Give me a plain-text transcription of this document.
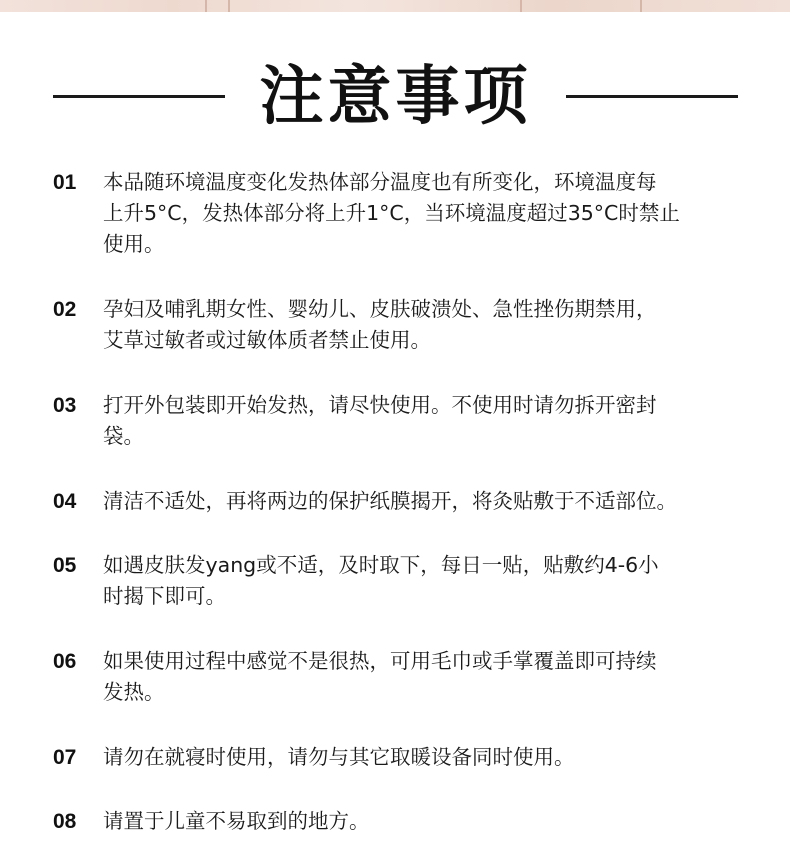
注意事项
01	本品随环境温度变化发热体部分温度也有所变化，环境温度每
上升5°C，发热体部分将上升1°C，当环境温度超过35°C时禁止
使用。
02	孕妇及哺乳期女性、婴幼儿、皮肤破溃处、急性挫伤期禁用，
艾草过敏者或过敏体质者禁止使用。
03	打开外包装即开始发热，请尽快使用。不使用时请勿拆开密封
袋。
04	清洁不适处，再将两边的保护纸膜揭开，将灸贴敷于不适部位。
05	如遇皮肤发yang或不适，及时取下，每日一贴，贴敷约4-6小
时揭下即可。
06	如果使用过程中感觉不是很热，可用毛巾或手掌覆盖即可持续
发热。
07	请勿在就寝时使用，请勿与其它取暖设备同时使用。
08	请置于儿童不易取到的地方。
